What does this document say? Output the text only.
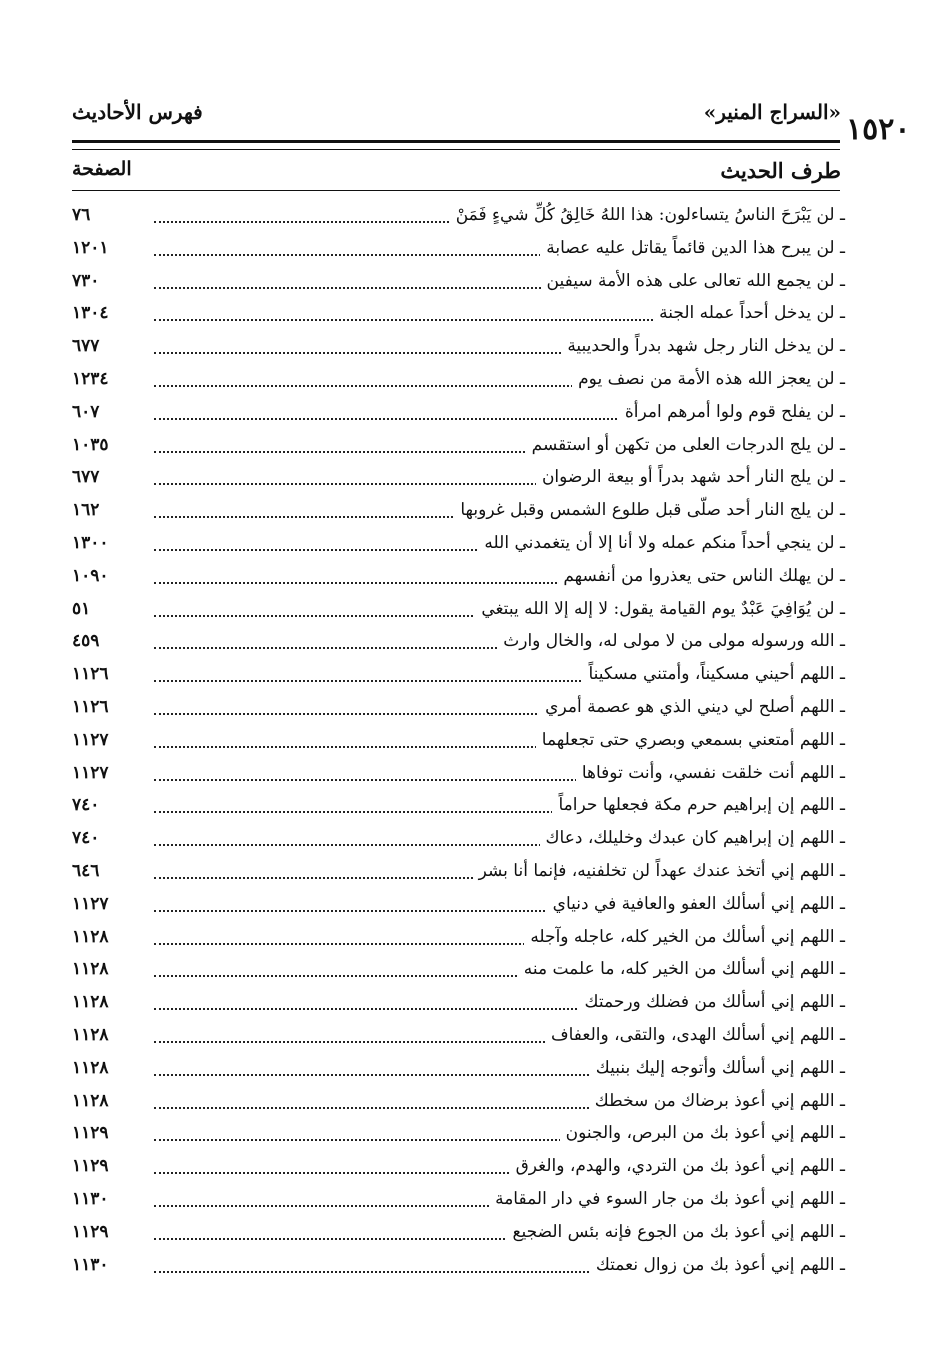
١٥٢٠
«السراج المنير»
فهرس الأحاديث
طرف الحديث
الصفحة
ـ لن يَبْرَحَ الناسُ يتساءلون: هذا اللهُ خَالِقُ كُلِّ شيءٍ فَمَنْ
٧٦
ـ لن يبرح هذا الدين قائماً يقاتل عليه عصابة
١٢٠١
ـ لن يجمع الله تعالى على هذه الأمة سيفين
٧٣٠
ـ لن يدخل أحداً عمله الجنة
١٣٠٤
ـ لن يدخل النار رجل شهد بدراً والحديبية
٦٧٧
ـ لن يعجز الله هذه الأمة من نصف يوم
١٢٣٤
ـ لن يفلح قوم ولوا أمرهم امرأة
٦٠٧
ـ لن يلج الدرجات العلى من تكهن أو استقسم
١٠٣٥
ـ لن يلج النار أحد شهد بدراً أو بيعة الرضوان
٦٧٧
ـ لن يلج النار أحد صلّى قبل طلوع الشمس وقبل غروبها
١٦٢
ـ لن ينجي أحداً منكم عمله ولا أنا إلا أن يتغمدني الله
١٣٠٠
ـ لن يهلك الناس حتى يعذروا من أنفسهم
١٠٩٠
ـ لن يُوَافِيَ عَبْدٌ يوم القيامة يقول: لا إله إلا الله يبتغي
٥١
ـ الله ورسوله مولى من لا مولى له، والخال وارث
٤٥٩
ـ اللهم أحيني مسكيناً، وأمتني مسكيناً
١١٢٦
ـ اللهم أصلح لي ديني الذي هو عصمة أمري
١١٢٦
ـ اللهم أمتعني بسمعي وبصري حتى تجعلهما
١١٢٧
ـ اللهم أنت خلقت نفسي، وأنت توفاها
١١٢٧
ـ اللهم إن إبراهيم حرم مكة فجعلها حراماً
٧٤٠
ـ اللهم إن إبراهيم كان عبدك وخليلك، دعاك
٧٤٠
ـ اللهم إني أتخذ عندك عهداً لن تخلفنيه، فإنما أنا بشر
٦٤٦
ـ اللهم إني أسألك العفو والعافية في دنياي
١١٢٧
ـ اللهم إني أسألك من الخير كله، عاجله وآجله
١١٢٨
ـ اللهم إني أسألك من الخير كله، ما علمت منه
١١٢٨
ـ اللهم إني أسألك من فضلك ورحمتك
١١٢٨
ـ اللهم إني أسألك الهدى، والتقى، والعفاف
١١٢٨
ـ اللهم إني أسألك وأتوجه إليك بنبيك
١١٢٨
ـ اللهم إني أعوذ برضاك من سخطك
١١٢٨
ـ اللهم إني أعوذ بك من البرص، والجنون
١١٢٩
ـ اللهم إني أعوذ بك من التردي، والهدم، والغرق
١١٢٩
ـ اللهم إني أعوذ بك من جار السوء في دار المقامة
١١٣٠
ـ اللهم إني أعوذ بك من الجوع فإنه بئس الضجيع
١١٢٩
ـ اللهم إني أعوذ بك من زوال نعمتك
١١٣٠
